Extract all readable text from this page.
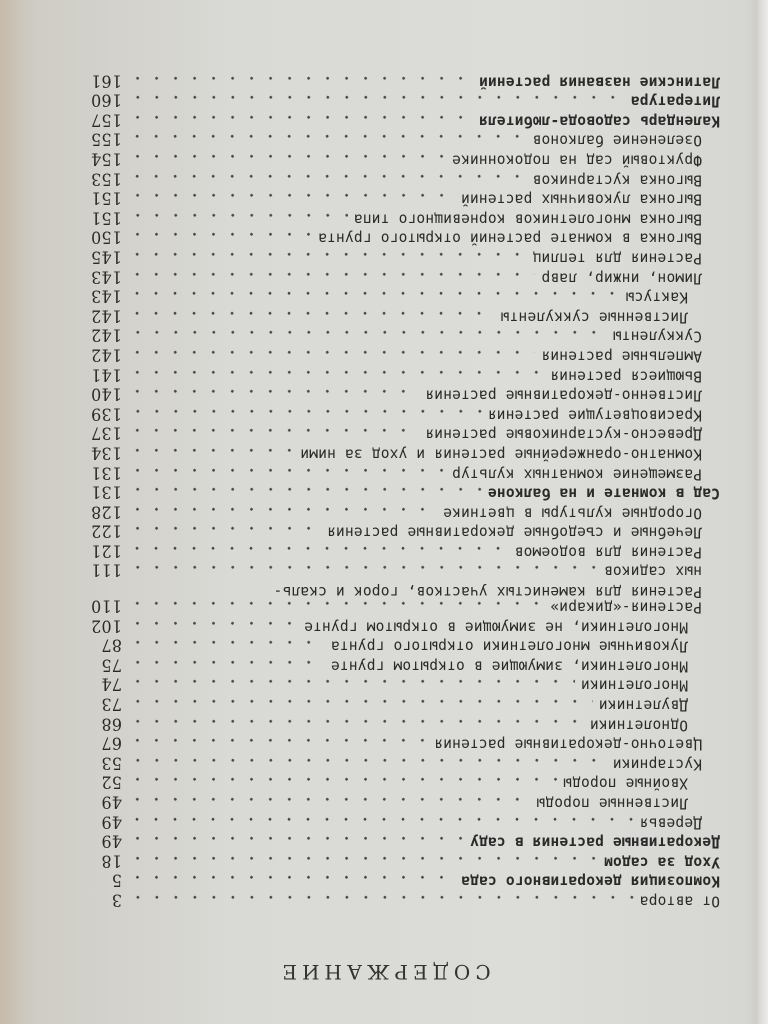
СОДЕРЖАНИЕ
От автора
3
Композиция декоративного сада
5
Уход за садом
18
Декоративные растения в саду
49
Деревья
49
Лиственные породы
49
Хвойные породы
52
Кустарники
53
Цветочно-декоративные растения
67
Однолетники
68
Двулетники
73
Многолетники
74
Многолетники, зимующие в открытом грунте
75
Луковичные многолетники открытого грунта
87
Многолетники, не зимующие в открытом грунте
102
Растения-«дикари»
110
Растения для каменистых участков, горок и скаль-
ных садиков
111
Растения для водоемов
121
Лечебные и съедобные декоративные растения
122
Огородные культуры в цветнике
128
Сад в комнате и на балконе
131
Размещение комнатных культур
131
Комнатно-оранжерейные растения и уход за ними
134
Древесно-кустарниковые растения
137
Красивоцветущие растения
139
Лиственно-декоративные растения
140
Вьющиеся растения
141
Ампельные растения
142
Суккуленты
142
Лиственные суккуленты
142
Кактусы
143
Лимон, инжир, лавр
143
Растения для теплиц
145
Выгонка в комнате растений открытого грунта
150
Выгонка многолетников корневищного типа
151
Выгонка луковичных растений
151
Выгонка кустарников
153
Фруктовый сад на подоконнике
154
Озеленение балконов
155
Календарь садовода-любителя
157
Литература
160
Латинские названия растений
161
